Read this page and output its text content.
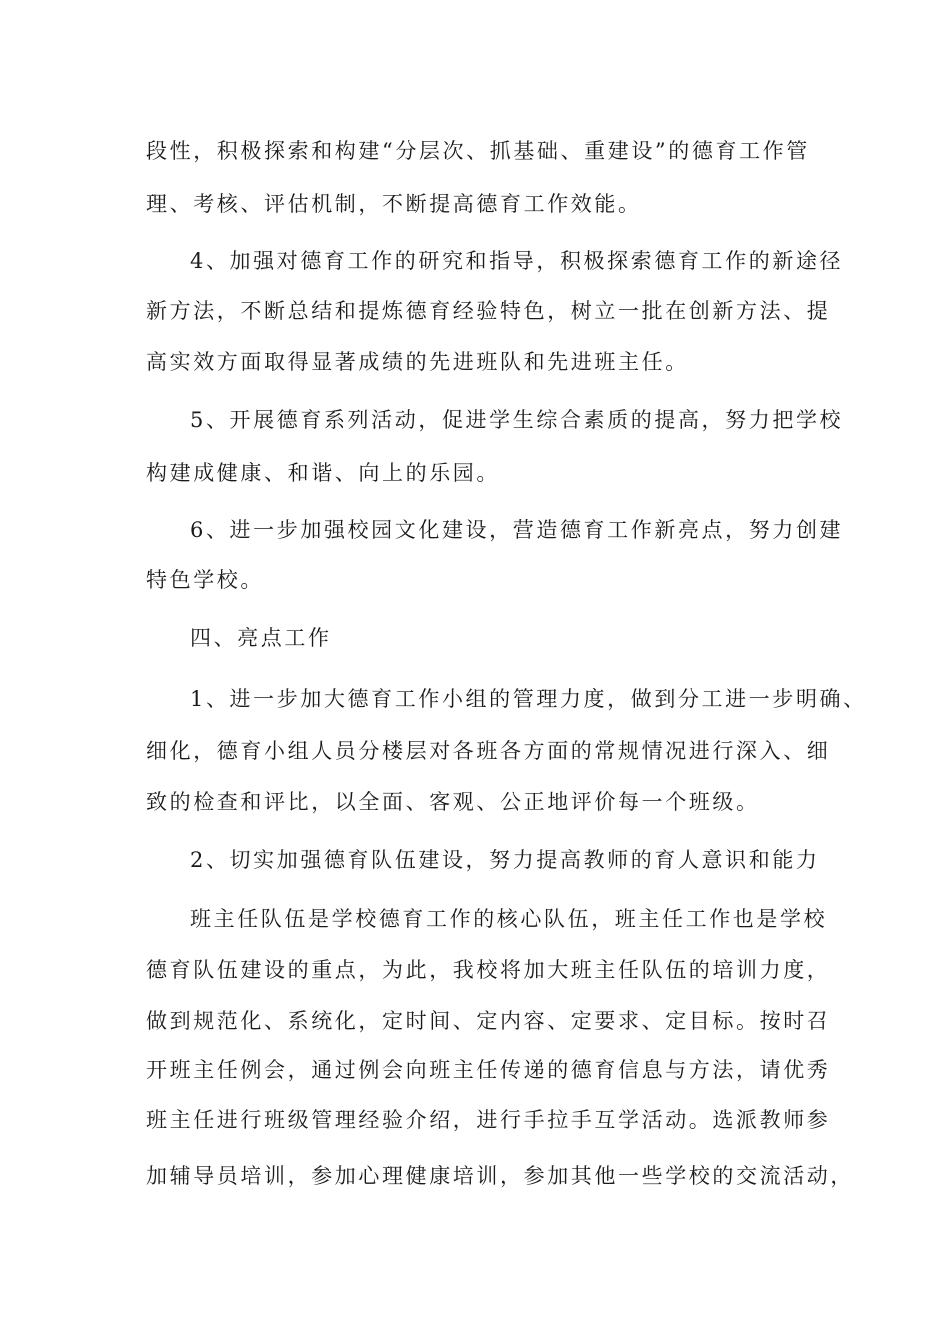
段性，积极探索和构建“分层次、抓基础、重建设”的德育工作管
理、考核、评估机制，不断提高德育工作效能。
4、加强对德育工作的研究和指导，积极探索德育工作的新途径
新方法，不断总结和提炼德育经验特色，树立一批在创新方法、提
高实效方面取得显著成绩的先进班队和先进班主任。
5、开展德育系列活动，促进学生综合素质的提高，努力把学校
构建成健康、和谐、向上的乐园。
6、进一步加强校园文化建设，营造德育工作新亮点，努力创建
特色学校。
四、亮点工作
1、进一步加大德育工作小组的管理力度，做到分工进一步明确、
细化，德育小组人员分楼层对各班各方面的常规情况进行深入、细
致的检查和评比，以全面、客观、公正地评价每一个班级。
2、切实加强德育队伍建设，努力提高教师的育人意识和能力
班主任队伍是学校德育工作的核心队伍，班主任工作也是学校
德育队伍建设的重点，为此，我校将加大班主任队伍的培训力度，
做到规范化、系统化，定时间、定内容、定要求、定目标。按时召
开班主任例会，通过例会向班主任传递的德育信息与方法，请优秀
班主任进行班级管理经验介绍，进行手拉手互学活动。选派教师参
加辅导员培训，参加心理健康培训，参加其他一些学校的交流活动，
